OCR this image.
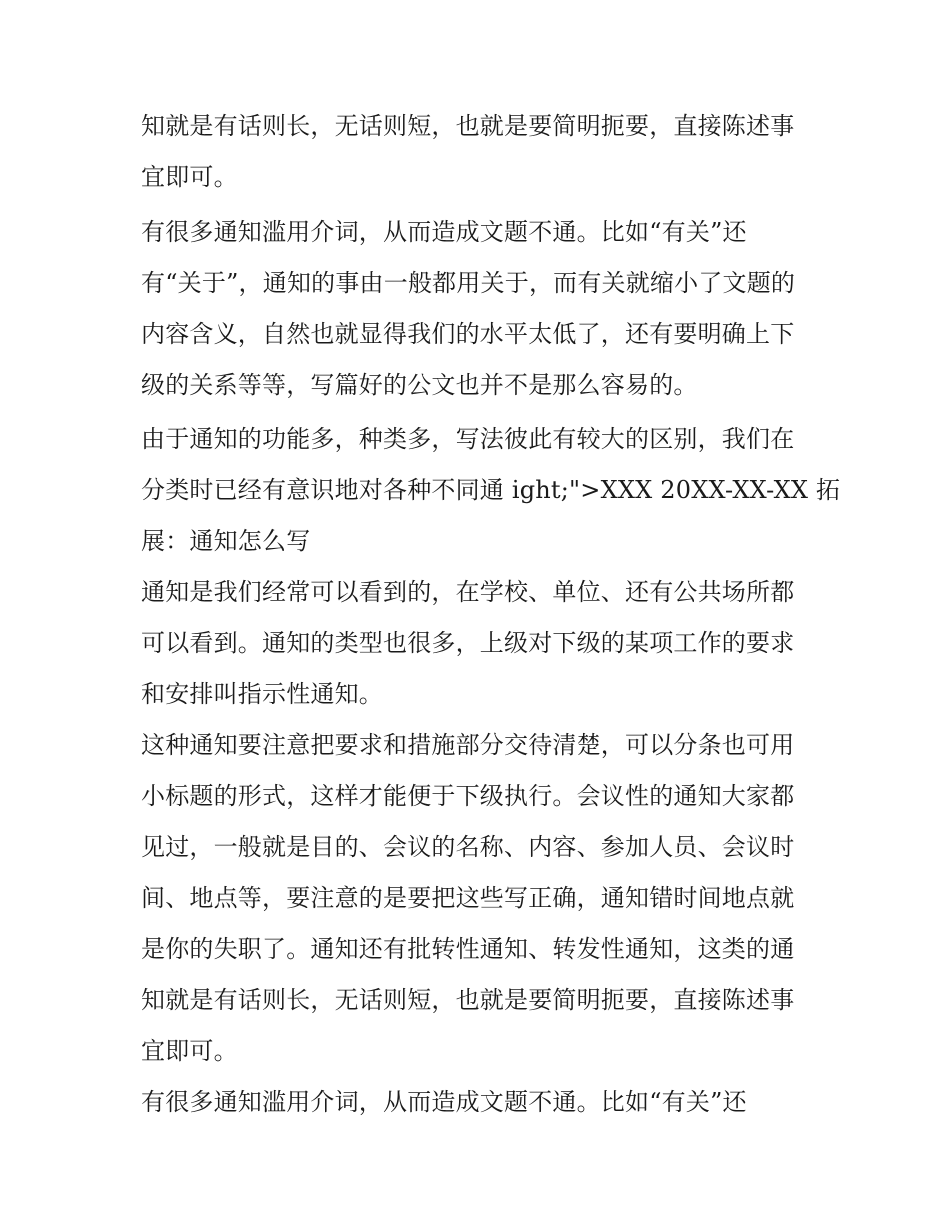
知就是有话则长，无话则短，也就是要简明扼要，直接陈述事
宜即可。
有很多通知滥用介词，从而造成文题不通。比如“有关”还
有“关于”，通知的事由一般都用关于，而有关就缩小了文题的
内容含义，自然也就显得我们的水平太低了，还有要明确上下
级的关系等等，写篇好的公文也并不是那么容易的。
由于通知的功能多，种类多，写法彼此有较大的区别，我们在
分类时已经有意识地对各种不同通 ight;">XXX 20XX-XX-XX 拓
展：通知怎么写
通知是我们经常可以看到的，在学校、单位、还有公共场所都
可以看到。通知的类型也很多，上级对下级的某项工作的要求
和安排叫指示性通知。
这种通知要注意把要求和措施部分交待清楚，可以分条也可用
小标题的形式，这样才能便于下级执行。会议性的通知大家都
见过，一般就是目的、会议的名称、内容、参加人员、会议时
间、地点等，要注意的是要把这些写正确，通知错时间地点就
是你的失职了。通知还有批转性通知、转发性通知，这类的通
知就是有话则长，无话则短，也就是要简明扼要，直接陈述事
宜即可。
有很多通知滥用介词，从而造成文题不通。比如“有关”还
